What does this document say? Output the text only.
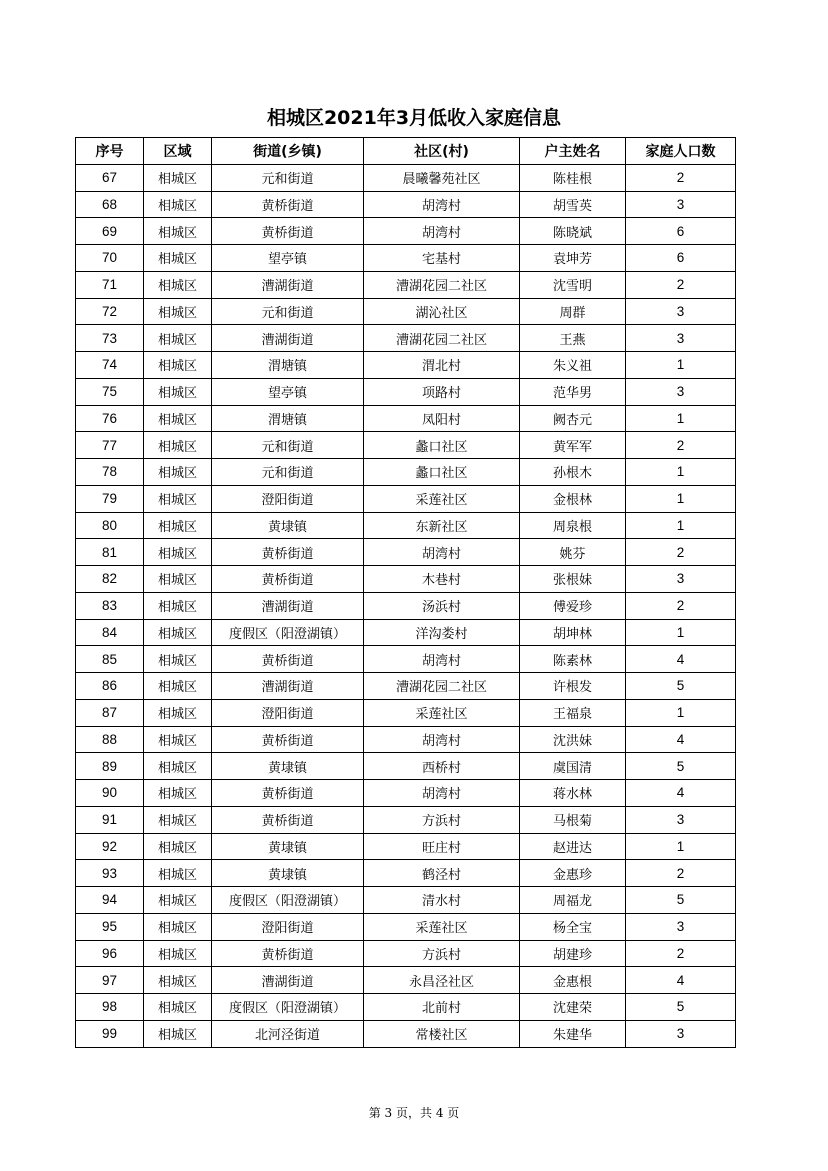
相城区2021年3月低收入家庭信息
序号	区域	街道(乡镇)	社区(村)	户主姓名	家庭人口数
67	相城区	元和街道	晨曦馨苑社区	陈桂根	2
68	相城区	黄桥街道	胡湾村	胡雪英	3
69	相城区	黄桥街道	胡湾村	陈晓斌	6
70	相城区	望亭镇	宅基村	袁坤芳	6
71	相城区	漕湖街道	漕湖花园二社区	沈雪明	2
72	相城区	元和街道	湖沁社区	周群	3
73	相城区	漕湖街道	漕湖花园二社区	王燕	3
74	相城区	渭塘镇	渭北村	朱义祖	1
75	相城区	望亭镇	项路村	范华男	3
76	相城区	渭塘镇	凤阳村	阙杏元	1
77	相城区	元和街道	蠡口社区	黄军军	2
78	相城区	元和街道	蠡口社区	孙根木	1
79	相城区	澄阳街道	采莲社区	金根林	1
80	相城区	黄埭镇	东新社区	周泉根	1
81	相城区	黄桥街道	胡湾村	姚芬	2
82	相城区	黄桥街道	木巷村	张根妹	3
83	相城区	漕湖街道	汤浜村	傅爱珍	2
84	相城区	度假区（阳澄湖镇）	洋沟娄村	胡坤林	1
85	相城区	黄桥街道	胡湾村	陈素林	4
86	相城区	漕湖街道	漕湖花园二社区	许根发	5
87	相城区	澄阳街道	采莲社区	王福泉	1
88	相城区	黄桥街道	胡湾村	沈洪妹	4
89	相城区	黄埭镇	西桥村	虞国清	5
90	相城区	黄桥街道	胡湾村	蒋水林	4
91	相城区	黄桥街道	方浜村	马根菊	3
92	相城区	黄埭镇	旺庄村	赵进达	1
93	相城区	黄埭镇	鹤泾村	金惠珍	2
94	相城区	度假区（阳澄湖镇）	清水村	周福龙	5
95	相城区	澄阳街道	采莲社区	杨全宝	3
96	相城区	黄桥街道	方浜村	胡建珍	2
97	相城区	漕湖街道	永昌泾社区	金惠根	4
98	相城区	度假区（阳澄湖镇）	北前村	沈建荣	5
99	相城区	北河泾街道	常楼社区	朱建华	3
第 3 页，共 4 页
